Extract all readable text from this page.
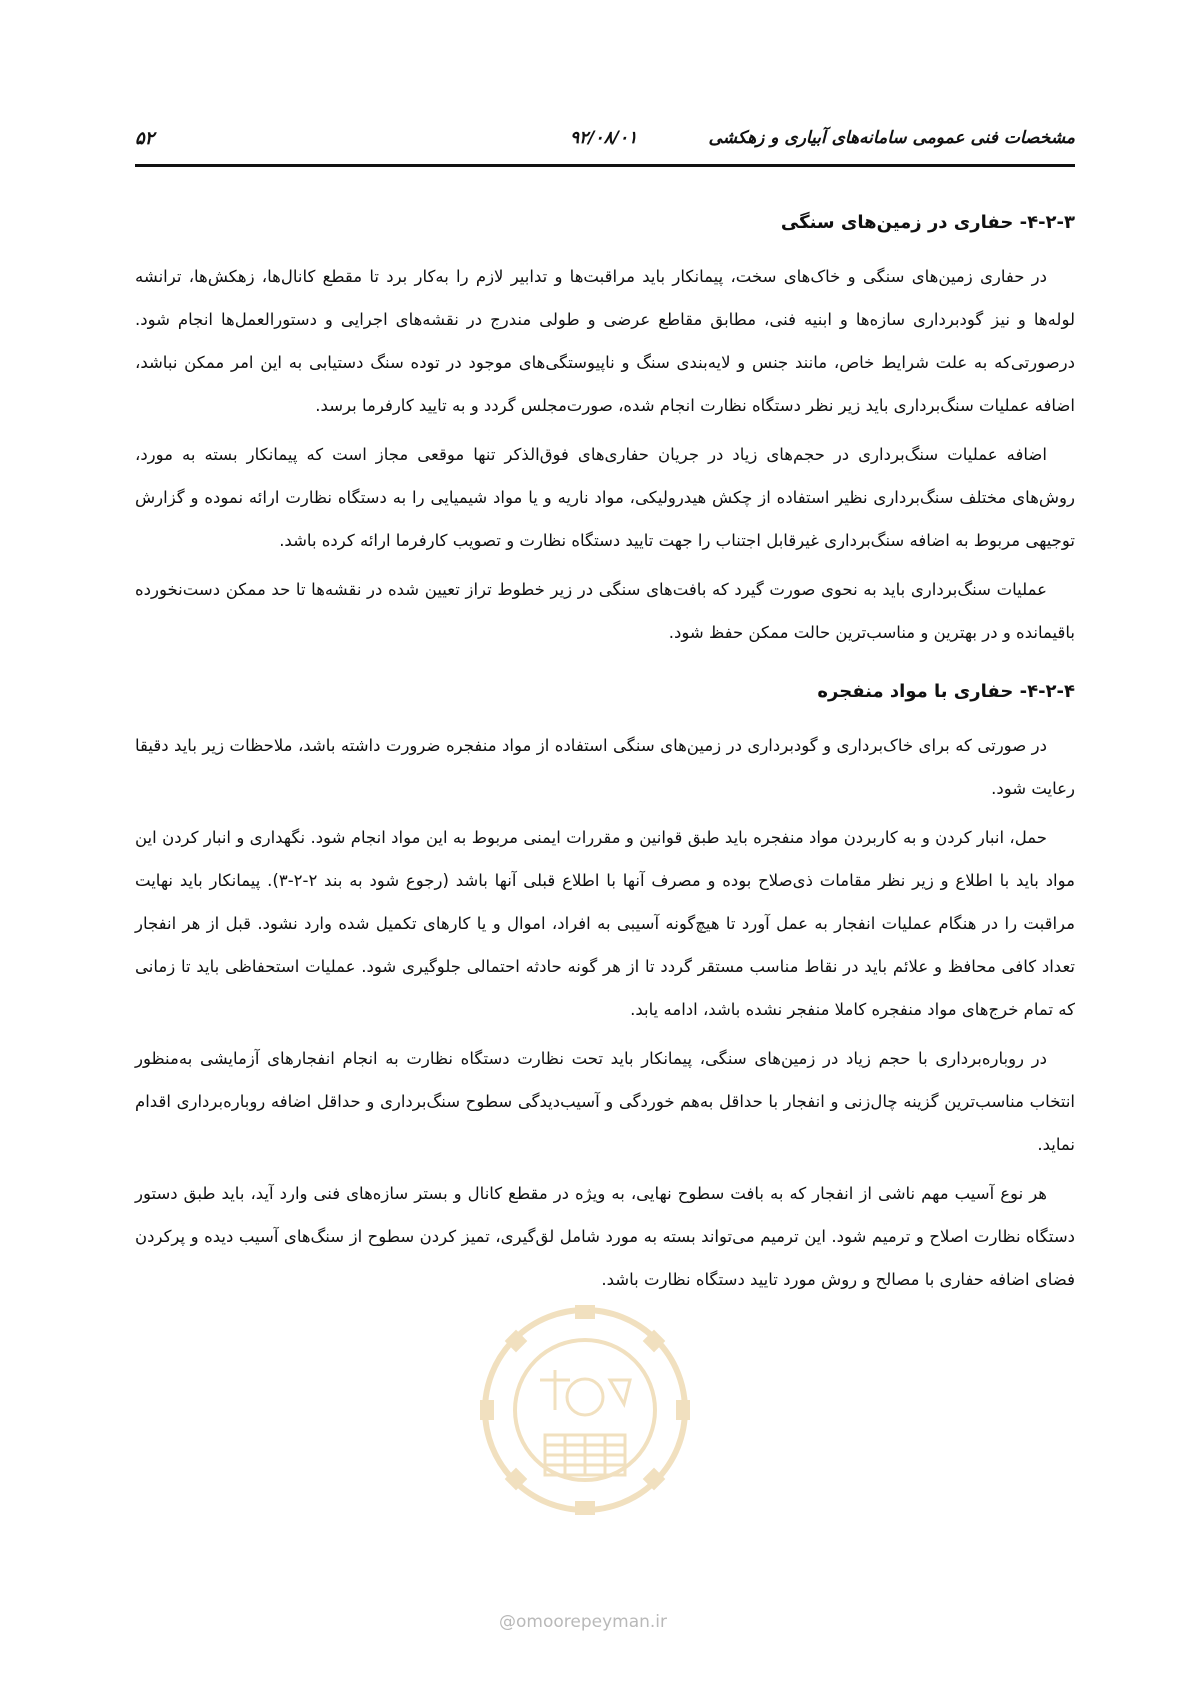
مشخصات فنی عمومی سامانه‌های آبیاری و زهکشی
۹۲/۰۸/۰۱
۵۲
۴-۲-۳- حفاری در زمین‌های سنگی

در حفاری زمین‌های سنگی و خاک‌های سخت، پیمانکار باید مراقبت‌ها و تدابیر لازم را به‌کار برد تا مقطع کانال‌ها، زهکش‌ها، ترانشه لوله‌ها و نیز گودبرداری سازه‌ها و ابنیه فنی، مطابق مقاطع عرضی و طولی مندرج در نقشه‌های اجرایی و دستورالعمل‌ها انجام شود. درصورتی‌که به علت شرایط خاص، مانند جنس و لایه‌بندی سنگ و ناپیوستگی‌های موجود در توده سنگ دستیابی به این امر ممکن نباشد، اضافه عملیات سنگ‌برداری باید زیر نظر دستگاه نظارت انجام شده، صورت‌مجلس گردد و به تایید کارفرما برسد.

اضافه عملیات سنگ‌برداری در حجم‌های زیاد در جریان حفاری‌های فوق‌الذکر تنها موقعی مجاز است که پیمانکار بسته به مورد، روش‌های مختلف سنگ‌برداری نظیر استفاده از چکش هیدرولیکی، مواد ناریه و یا مواد شیمیایی را به دستگاه نظارت ارائه نموده و گزارش توجیهی مربوط به اضافه سنگ‌برداری غیرقابل اجتناب را جهت تایید دستگاه نظارت و تصویب کارفرما ارائه کرده باشد.

عملیات سنگ‌برداری باید به نحوی صورت گیرد که بافت‌های سنگی در زیر خطوط تراز تعیین شده در نقشه‌ها تا حد ممکن دست‌نخورده باقیمانده و در بهترین و مناسب‌ترین حالت ممکن حفظ شود.

۴-۲-۴- حفاری با مواد منفجره

در صورتی که برای خاک‌برداری و گودبرداری در زمین‌های سنگی استفاده از مواد منفجره ضرورت داشته باشد، ملاحظات زیر باید دقیقا رعایت شود.

حمل، انبار کردن و به کاربردن مواد منفجره باید طبق قوانین و مقررات ایمنی مربوط به این مواد انجام شود. نگهداری و انبار کردن این مواد باید با اطلاع و زیر نظر مقامات ذی‌صلاح بوده و مصرف آنها با اطلاع قبلی آنها باشد (رجوع شود به بند ۲-۲-۳). پیمانکار باید نهایت مراقبت را در هنگام عملیات انفجار به عمل آورد تا هیچ‌گونه آسیبی به افراد، اموال و یا کارهای تکمیل شده وارد نشود. قبل از هر انفجار تعداد کافی محافظ و علائم باید در نقاط مناسب مستقر گردد تا از هر گونه حادثه احتمالی جلوگیری شود. عملیات استحفاظی باید تا زمانی که تمام خرج‌های مواد منفجره کاملا منفجر نشده باشد، ادامه یابد.

در روباره‌برداری با حجم زیاد در زمین‌های سنگی، پیمانکار باید تحت نظارت دستگاه نظارت به انجام انفجارهای آزمایشی به‌منظور انتخاب مناسب‌ترین گزینه چال‌زنی و انفجار با حداقل به‌هم خوردگی و آسیب‌دیدگی سطوح سنگ‌برداری و حداقل اضافه روباره‌برداری اقدام نماید.

هر نوع آسیب مهم ناشی از انفجار که به بافت سطوح نهایی، به ویژه در مقطع کانال و بستر سازه‌های فنی وارد آید، باید طبق دستور دستگاه نظارت اصلاح و ترمیم شود. این ترمیم می‌تواند بسته به مورد شامل لق‌گیری، تمیز کردن سطوح از سنگ‌های آسیب دیده و پرکردن فضای اضافه حفاری با مصالح و روش مورد تایید دستگاه نظارت باشد.

@omoorepeyman.ir
